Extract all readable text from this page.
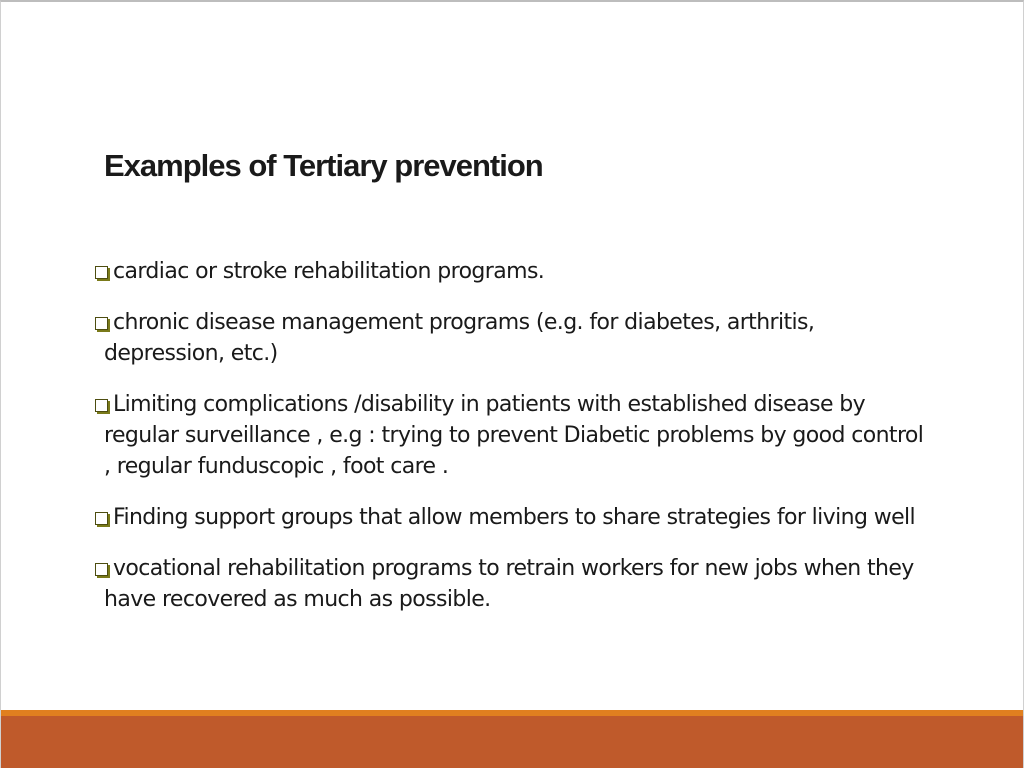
Examples of Tertiary prevention
cardiac or stroke rehabilitation programs.
chronic disease management programs (e.g. for diabetes, arthritis, depression, etc.)
Limiting complications /disability in patients with established disease by regular surveillance , e.g : trying to prevent Diabetic problems by good control , regular funduscopic , foot care .
Finding support groups that allow members to share strategies for living well
vocational rehabilitation programs to retrain workers for new jobs when they have recovered as much as possible.
